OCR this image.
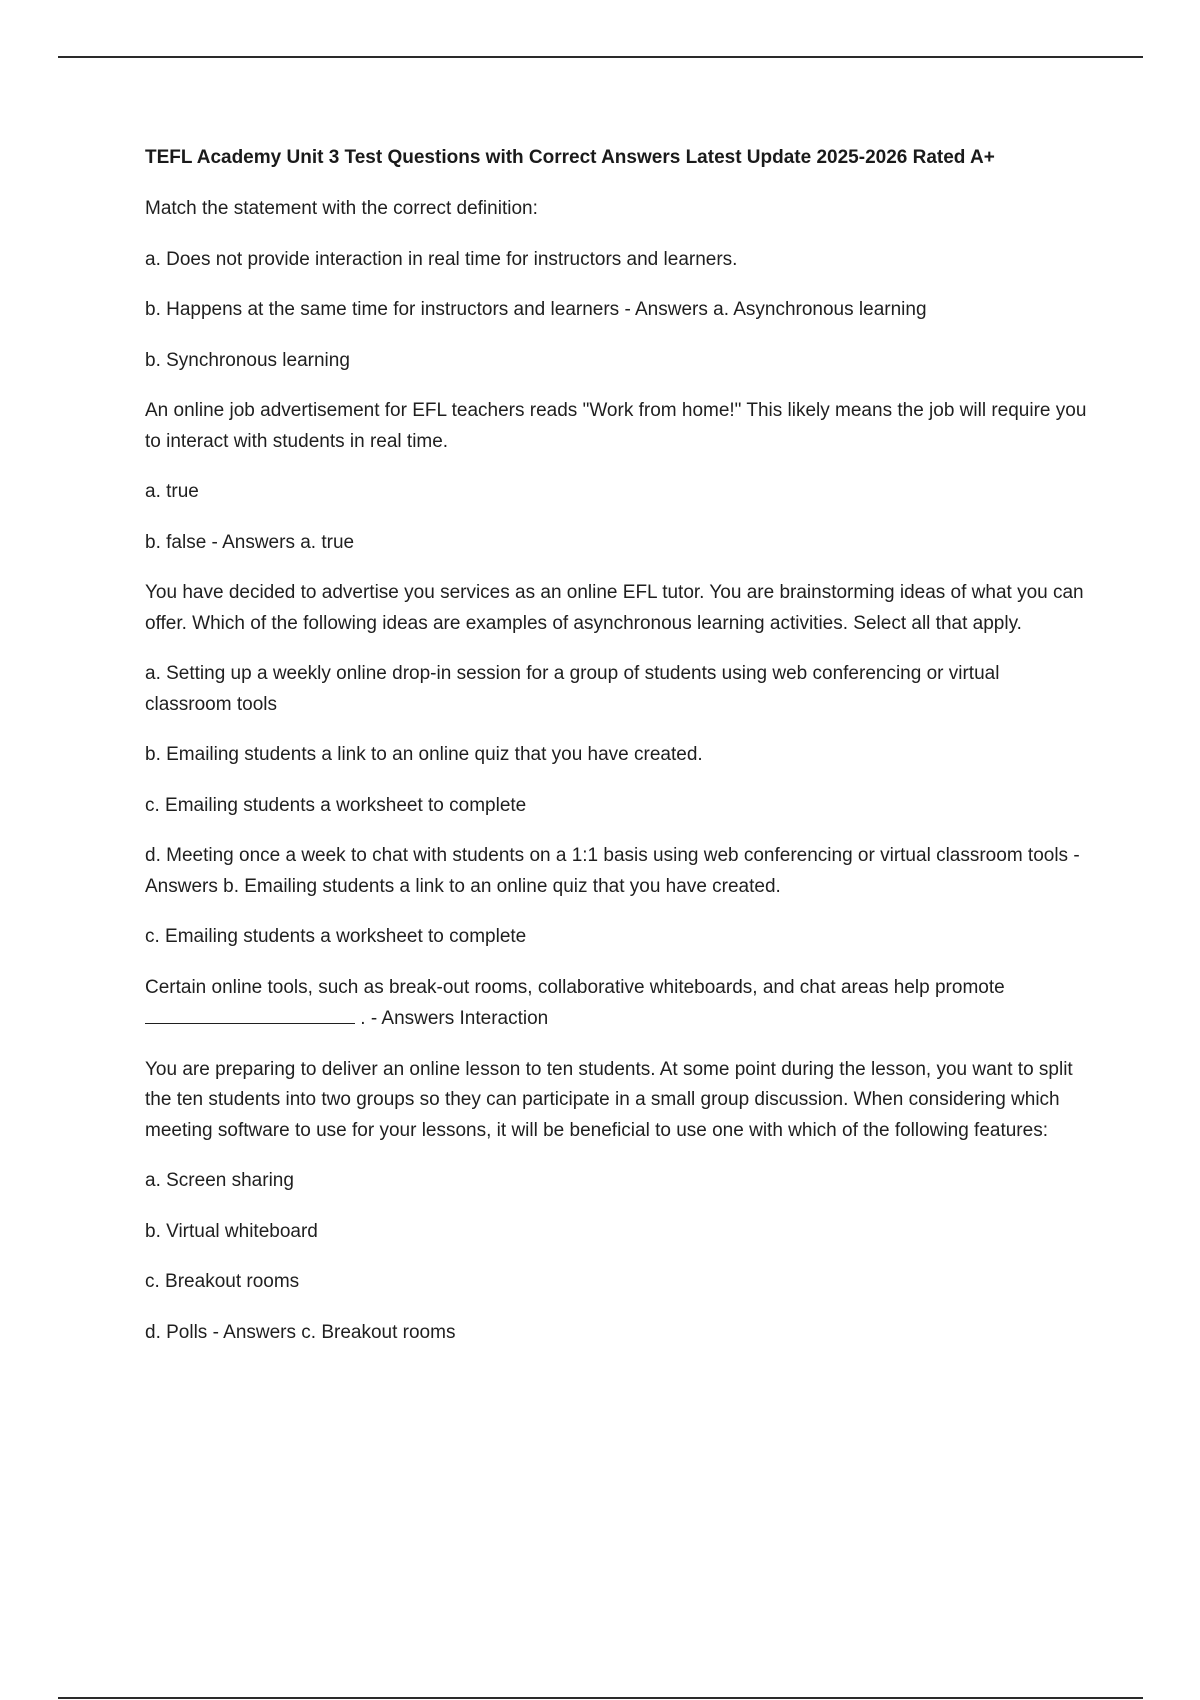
TEFL Academy Unit 3 Test Questions with Correct Answers Latest Update 2025-2026 Rated A+
Match the statement with the correct definition:
a. Does not provide interaction in real time for instructors and learners.
b. Happens at the same time for instructors and learners - Answers a. Asynchronous learning
b. Synchronous learning
An online job advertisement for EFL teachers reads "Work from home!" This likely means the job will require you to interact with students in real time.
a. true
b. false - Answers a. true
You have decided to advertise you services as an online EFL tutor. You are brainstorming ideas of what you can offer. Which of the following ideas are examples of asynchronous learning activities. Select all that apply.
a. Setting up a weekly online drop-in session for a group of students using web conferencing or virtual classroom tools
b. Emailing students a link to an online quiz that you have created.
c. Emailing students a worksheet to complete
d. Meeting once a week to chat with students on a 1:1 basis using web conferencing or virtual classroom tools - Answers b. Emailing students a link to an online quiz that you have created.
c. Emailing students a worksheet to complete
Certain online tools, such as break-out rooms, collaborative whiteboards, and chat areas help promote
. - Answers Interaction
You are preparing to deliver an online lesson to ten students. At some point during the lesson, you want to split the ten students into two groups so they can participate in a small group discussion. When considering which meeting software to use for your lessons, it will be beneficial to use one with which of the following features:
a. Screen sharing
b. Virtual whiteboard
c. Breakout rooms
d. Polls - Answers c. Breakout rooms
